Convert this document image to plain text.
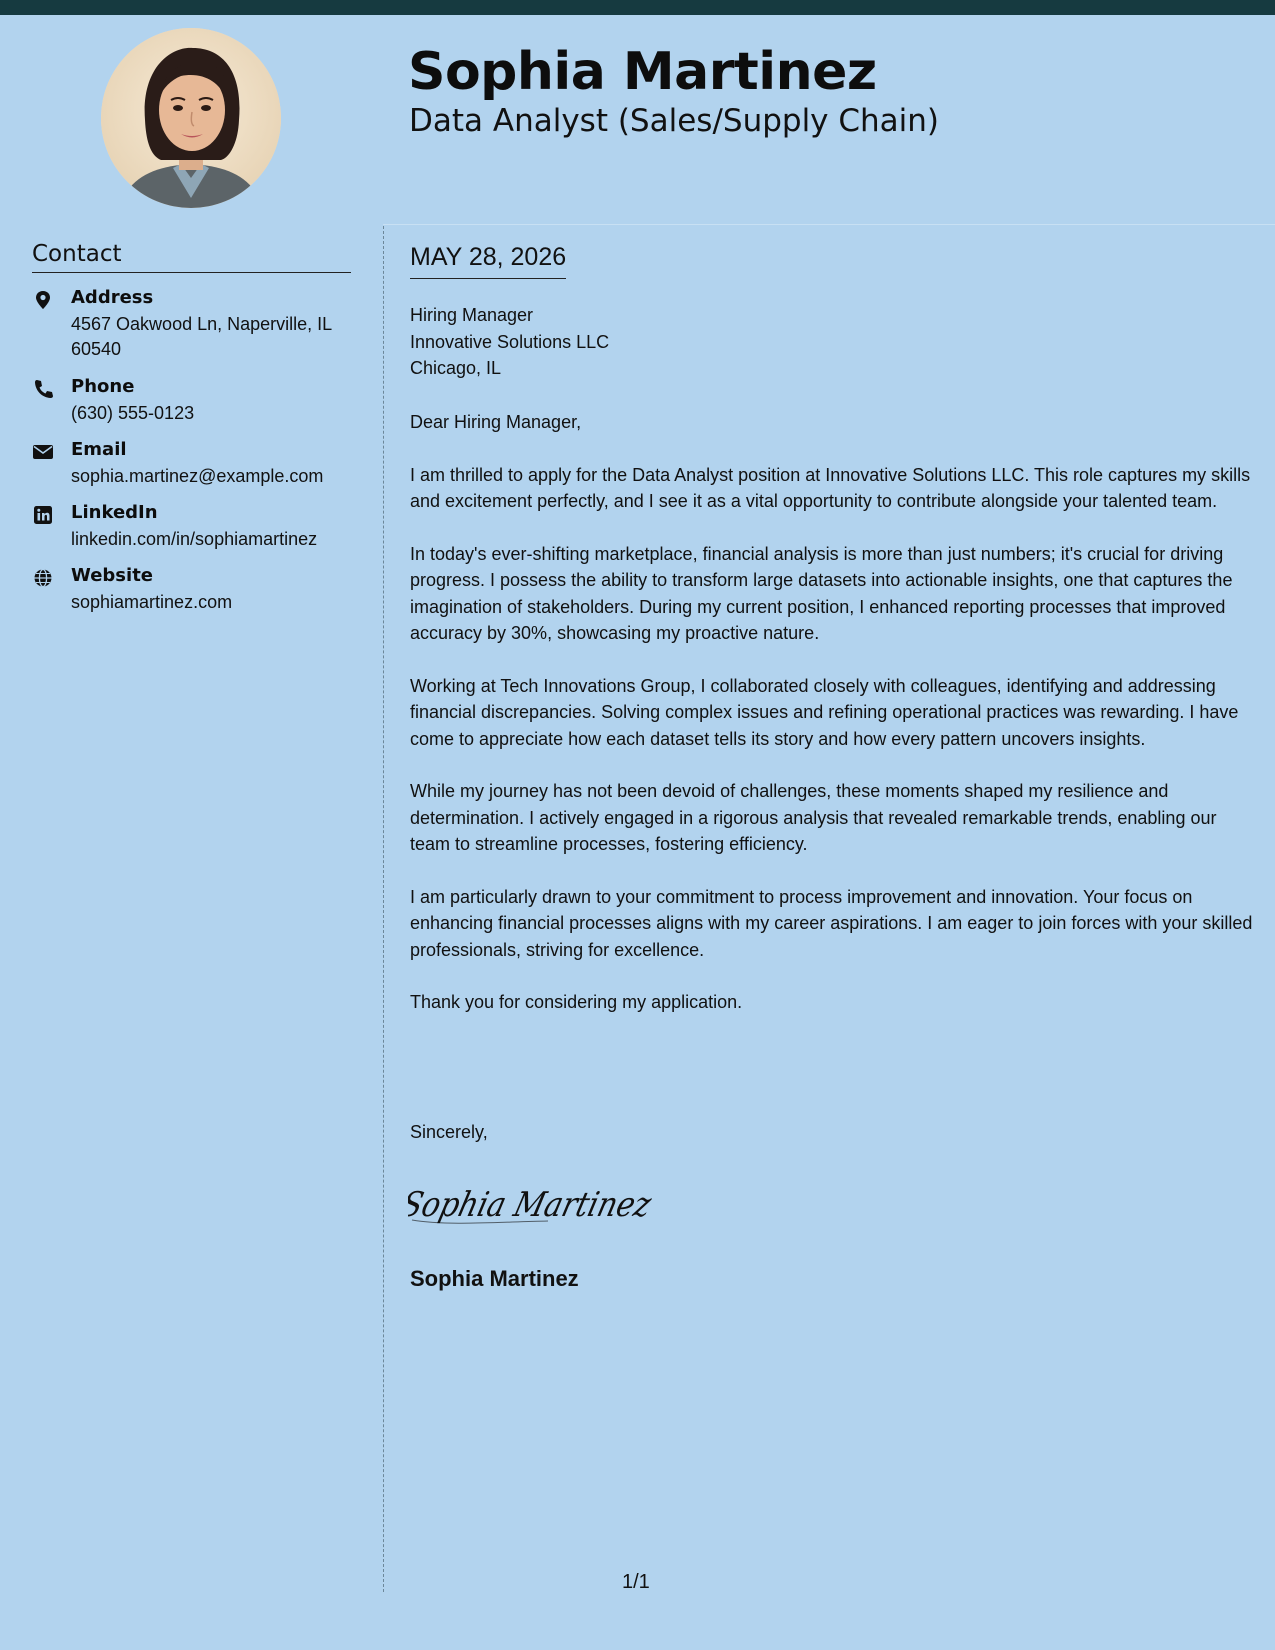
Sophia Martinez
Data Analyst (Sales/Supply Chain)
Contact
Address
4567 Oakwood Ln, Naperville, IL 60540
Phone
(630) 555-0123
Email
sophia.martinez@example.com
LinkedIn
linkedin.com/in/sophiamartinez
Website
sophiamartinez.com
MAY 28, 2026
Hiring Manager
Innovative Solutions LLC
Chicago, IL

Dear Hiring Manager,

I am thrilled to apply for the Data Analyst position at Innovative Solutions LLC. This role captures my skills and excitement perfectly, and I see it as a vital opportunity to contribute alongside your talented team.

In today's ever-shifting marketplace, financial analysis is more than just numbers; it's crucial for driving progress. I possess the ability to transform large datasets into actionable insights, one that captures the imagination of stakeholders. During my current position, I enhanced reporting processes that improved accuracy by 30%, showcasing my proactive nature.

Working at Tech Innovations Group, I collaborated closely with colleagues, identifying and addressing financial discrepancies. Solving complex issues and refining operational practices was rewarding. I have come to appreciate how each dataset tells its story and how every pattern uncovers insights.

While my journey has not been devoid of challenges, these moments shaped my resilience and determination. I actively engaged in a rigorous analysis that revealed remarkable trends, enabling our team to streamline processes, fostering efficiency.

I am particularly drawn to your commitment to process improvement and innovation. Your focus on enhancing financial processes aligns with my career aspirations. I am eager to join forces with your skilled professionals, striving for excellence.

Thank you for considering my application.

Sincerely,
Sophia Martinez
Sophia Martinez
1/1
